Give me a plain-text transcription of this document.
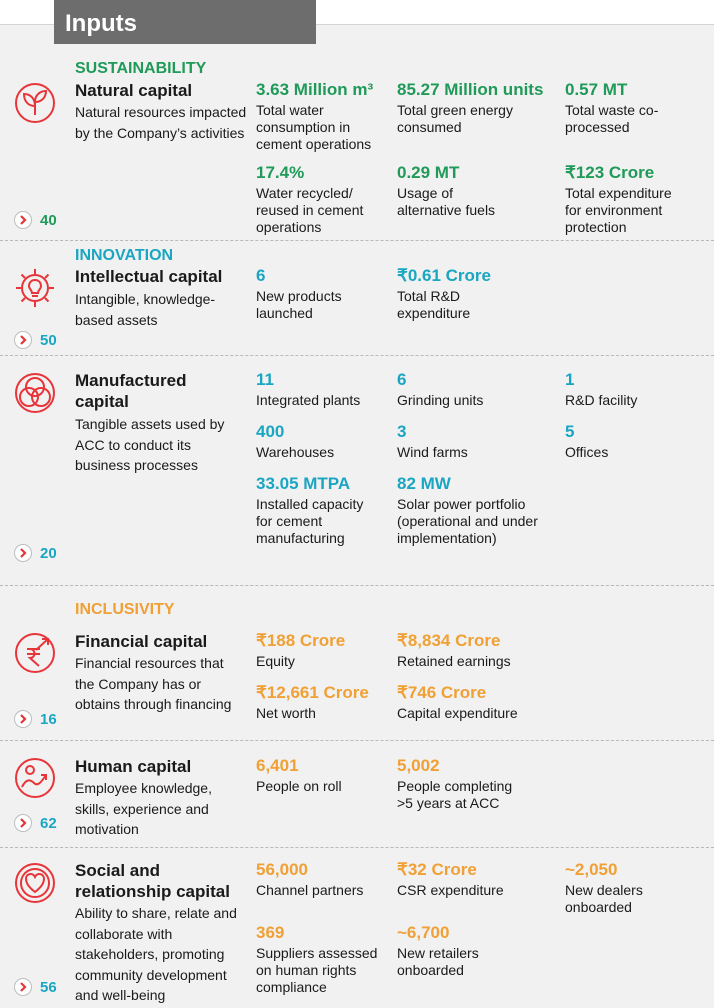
Inputs
SUSTAINABILITY
Natural capital
Natural resources impacted by the Company’s activities
40
3.63 Million m³
Total water consumption in cement operations
85.27 Million units
Total green energy consumed
0.57 MT
Total waste co-processed
17.4%
Water recycled/ reused in cement operations
0.29 MT
Usage of alternative fuels
₹123 Crore
Total expenditure for environment protection
INNOVATION
Intellectual capital
Intangible, knowledge-based assets
50
6
New products launched
₹0.61 Crore
Total R&D expenditure
Manufactured capital
Tangible assets used by ACC to conduct its business processes
20
11
Integrated plants
6
Grinding units
1
R&D facility
400
Warehouses
3
Wind farms
5
Offices
33.05 MTPA
Installed capacity for cement manufacturing
82 MW
Solar power portfolio (operational and under implementation)
INCLUSIVITY
Financial capital
Financial resources that the Company has or obtains through financing
16
₹188 Crore
Equity
₹8,834 Crore
Retained earnings
₹12,661 Crore
Net worth
₹746 Crore
Capital expenditure
Human capital
Employee knowledge, skills, experience and motivation
62
6,401
People on roll
5,002
People completing >5 years at ACC
Social and relationship capital
Ability to share, relate and collaborate with stakeholders, promoting community development and well-being
56
56,000
Channel partners
₹32 Crore
CSR expenditure
~2,050
New dealers onboarded
369
Suppliers assessed on human rights compliance
~6,700
New retailers onboarded
